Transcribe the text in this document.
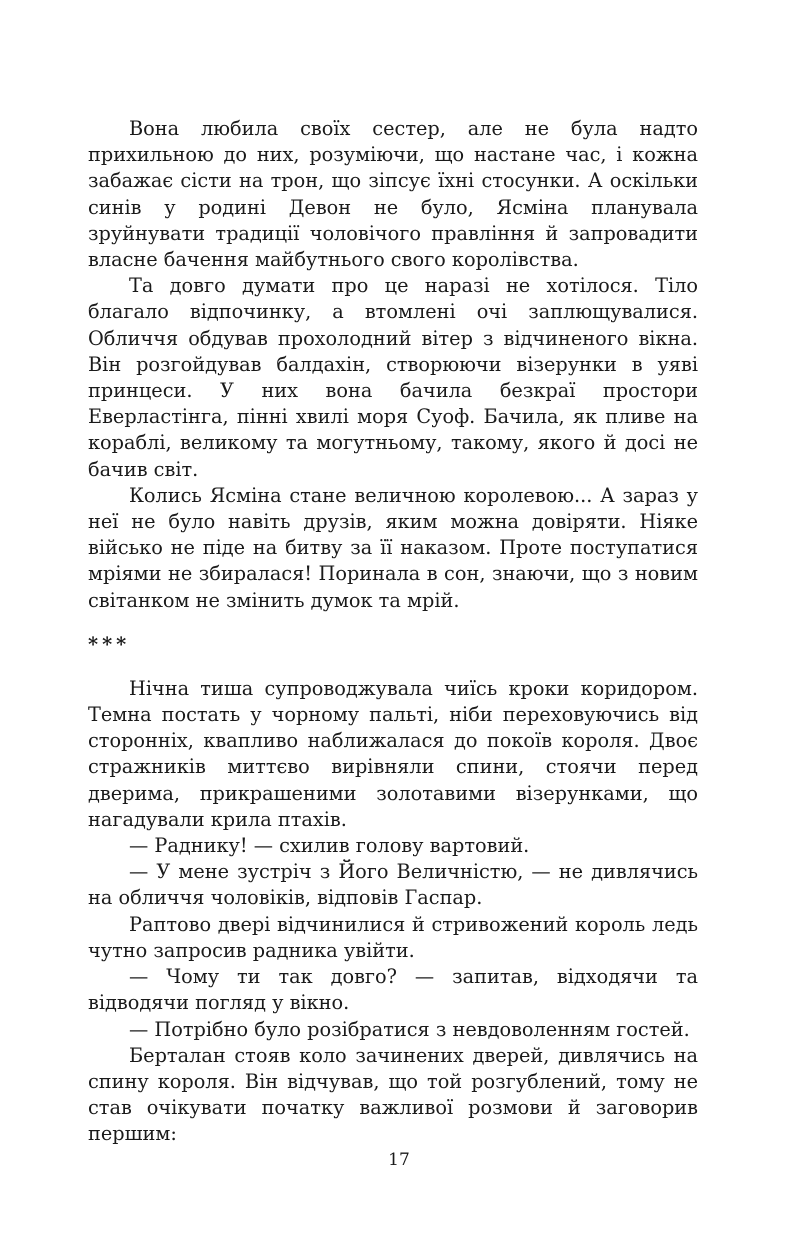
Вона любила своїх сестер, але не була надто прихильною до них, розуміючи, що настане час, і кожна забажає сісти на трон, що зіпсує їхні стосунки. А оскільки синів у родині Девон не було, Ясміна планувала зруйнувати традиції чоловічого правління й запровадити власне бачення майбутнього свого королівства.

Та довго думати про це наразі не хотілося. Тіло благало відпочинку, а втомлені очі заплющувалися. Обличчя обдував прохолодний вітер з відчиненого вікна. Він розгойдував балдахін, створюючи візерунки в уяві принцеси. У них вона бачила безкраї простори Еверластінга, пінні хвилі моря Суоф. Бачила, як пливе на кораблі, великому та могутньому, такому, якого й досі не бачив світ.

Колись Ясміна стане величною королевою... А зараз у неї не було навіть друзів, яким можна довіряти. Ніяке військо не піде на битву за її наказом. Проте поступатися мріями не збиралася! Поринала в сон, знаючи, що з новим світанком не змінить думок та мрій.

***

Нічна тиша супроводжувала чиїсь кроки коридором. Темна постать у чорному пальті, ніби переховуючись від сторонніх, квапливо наближалася до покоїв короля. Двоє стражників миттєво вирівняли спини, стоячи перед дверима, прикрашеними золотавими візерунками, що нагадували крила птахів.

— Раднику! — схилив голову вартовий.

— У мене зустріч з Його Величністю, — не дивлячись на обличчя чоловіків, відповів Гаспар.

Раптово двері відчинилися й стривожений король ледь чутно запросив радника увійти.

— Чому ти так довго? — запитав, відходячи та відводячи погляд у вікно.

— Потрібно було розібратися з невдоволенням гостей.

Берталан стояв коло зачинених дверей, дивлячись на спину короля. Він відчував, що той розгублений, тому не став очікувати початку важливої розмови й заговорив першим:

17
